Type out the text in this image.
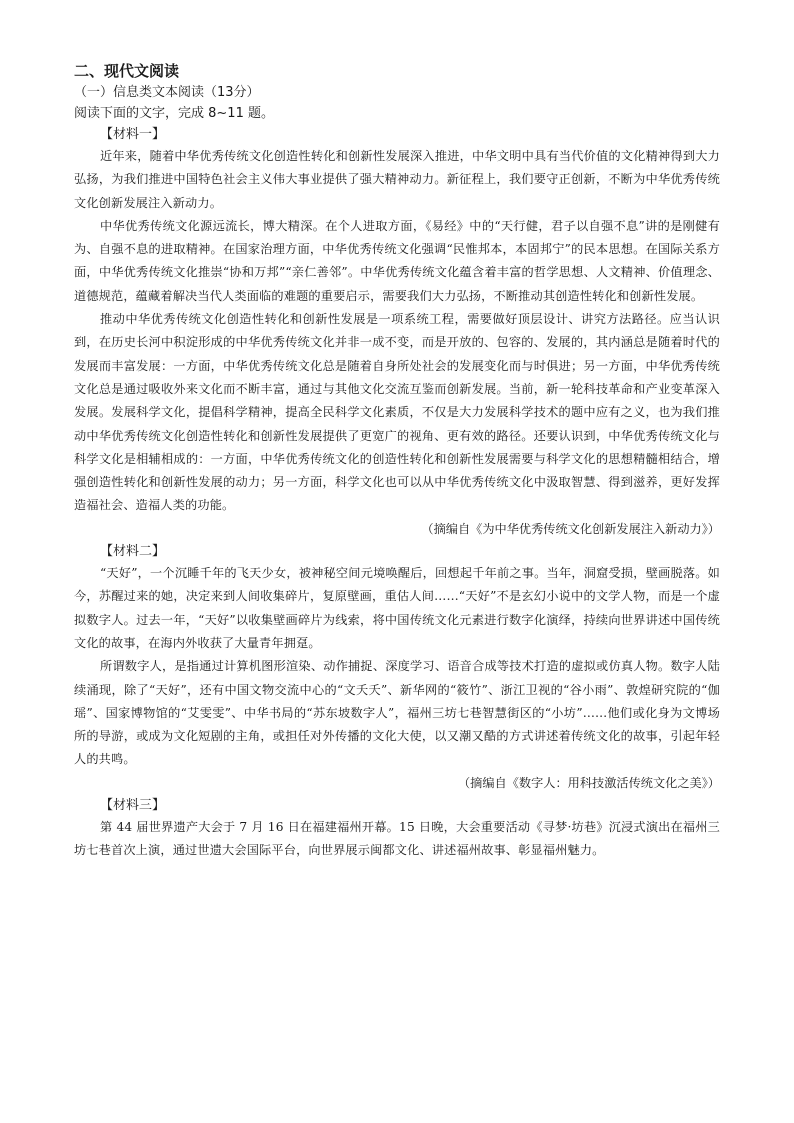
二、现代文阅读

（一）信息类文本阅读（13分）

阅读下面的文字，完成 8~11 题。

【材料一】

近年来，随着中华优秀传统文化创造性转化和创新性发展深入推进，中华文明中具有当代价值的文化精神得到大力弘扬，为我们推进中国特色社会主义伟大事业提供了强大精神动力。新征程上，我们要守正创新，不断为中华优秀传统文化创新发展注入新动力。

中华优秀传统文化源远流长，博大精深。在个人进取方面，《易经》中的“天行健，君子以自强不息”讲的是刚健有为、自强不息的进取精神。在国家治理方面，中华优秀传统文化强调“民惟邦本，本固邦宁”的民本思想。在国际关系方面，中华优秀传统文化推崇“协和万邦”“亲仁善邻”。中华优秀传统文化蕴含着丰富的哲学思想、人文精神、价值理念、道德规范，蕴藏着解决当代人类面临的难题的重要启示，需要我们大力弘扬，不断推动其创造性转化和创新性发展。

推动中华优秀传统文化创造性转化和创新性发展是一项系统工程，需要做好顶层设计、讲究方法路径。应当认识到，在历史长河中积淀形成的中华优秀传统文化并非一成不变，而是开放的、包容的、发展的，其内涵总是随着时代的发展而丰富发展：一方面，中华优秀传统文化总是随着自身所处社会的发展变化而与时俱进；另一方面，中华优秀传统文化总是通过吸收外来文化而不断丰富，通过与其他文化交流互鉴而创新发展。当前，新一轮科技革命和产业变革深入发展。发展科学文化，提倡科学精神，提高全民科学文化素质，不仅是大力发展科学技术的题中应有之义，也为我们推动中华优秀传统文化创造性转化和创新性发展提供了更宽广的视角、更有效的路径。还要认识到，中华优秀传统文化与科学文化是相辅相成的：一方面，中华优秀传统文化的创造性转化和创新性发展需要与科学文化的思想精髓相结合，增强创造性转化和创新性发展的动力；另一方面，科学文化也可以从中华优秀传统文化中汲取智慧、得到滋养，更好发挥造福社会、造福人类的功能。

（摘编自《为中华优秀传统文化创新发展注入新动力》）

【材料二】

“天好”，一个沉睡千年的飞天少女，被神秘空间元境唤醒后，回想起千年前之事。当年，洞窟受损，壁画脱落。如今，苏醒过来的她，决定来到人间收集碎片，复原壁画，重估人间……“天好”不是玄幻小说中的文学人物，而是一个虚拟数字人。过去一年，“天好”以收集壁画碎片为线索，将中国传统文化元素进行数字化演绎，持续向世界讲述中国传统文化的故事，在海内外收获了大量青年拥趸。

所谓数字人，是指通过计算机图形渲染、动作捕捉、深度学习、语音合成等技术打造的虚拟或仿真人物。数字人陆续涌现，除了“天好”，还有中国文物交流中心的“文夭夭”、新华网的“筱竹”、浙江卫视的“谷小雨”、敦煌研究院的“伽瑶”、国家博物馆的“艾雯雯”、中华书局的“苏东坡数字人”，福州三坊七巷智慧街区的“小坊”……他们或化身为文博场所的导游，或成为文化短剧的主角，或担任对外传播的文化大使，以又潮又酷的方式讲述着传统文化的故事，引起年轻人的共鸣。

（摘编自《数字人：用科技激活传统文化之美》）

【材料三】

第 44 届世界遗产大会于 7 月 16 日在福建福州开幕。15 日晚，大会重要活动《寻梦·坊巷》沉浸式演出在福州三坊七巷首次上演，通过世遗大会国际平台，向世界展示闽都文化、讲述福州故事、彰显福州魅力。
